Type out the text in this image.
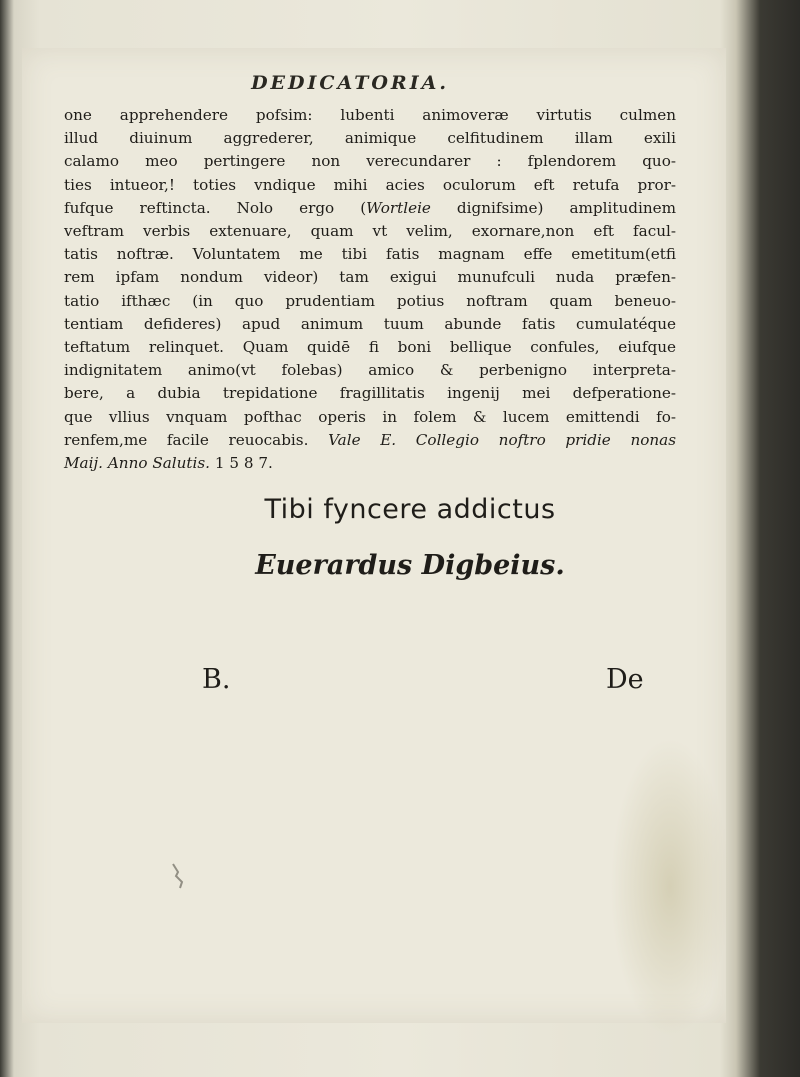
DEDICATORIA.
one apprehendere pofsim: lubenti animoveræ virtutis culmen
illud diuinum aggrederer, animique celfitudinem illam exili
calamo meo pertingere non verecundarer : fplendorem quo-
ties intueor,! toties vndique mihi acies oculorum eft retufa pror-
fufque reftincta. Nolo ergo (Wortleie dignifsime) amplitudinem
veftram verbis extenuare, quam vt velim, exornare,non eft facul-
tatis noftræ. Voluntatem me tibi fatis magnam effe emetitum(etfi
rem ipfam nondum videor) tam exigui munufculi nuda præfen-
tatio ifthæc (in quo prudentiam potius noftram quam beneuo-
tentiam defideres) apud animum tuum abunde fatis cumulatéque
teftatum relinquet. Quam quidē fi boni bellique confules, eiufque
indignitatem animo(vt folebas) amico & perbenigno interpreta-
bere, a dubia trepidatione fragillitatis ingenij mei defperatione-
que vllius vnquam pofthac operis in folem & lucem emittendi fo-
renfem,me facile reuocabis. Vale E. Collegio noftro pridie nonas
Maij. Anno Salutis. 1 5 8 7.
Tibi fyncere addictus
Euerardus Digbeius.
B.	De
